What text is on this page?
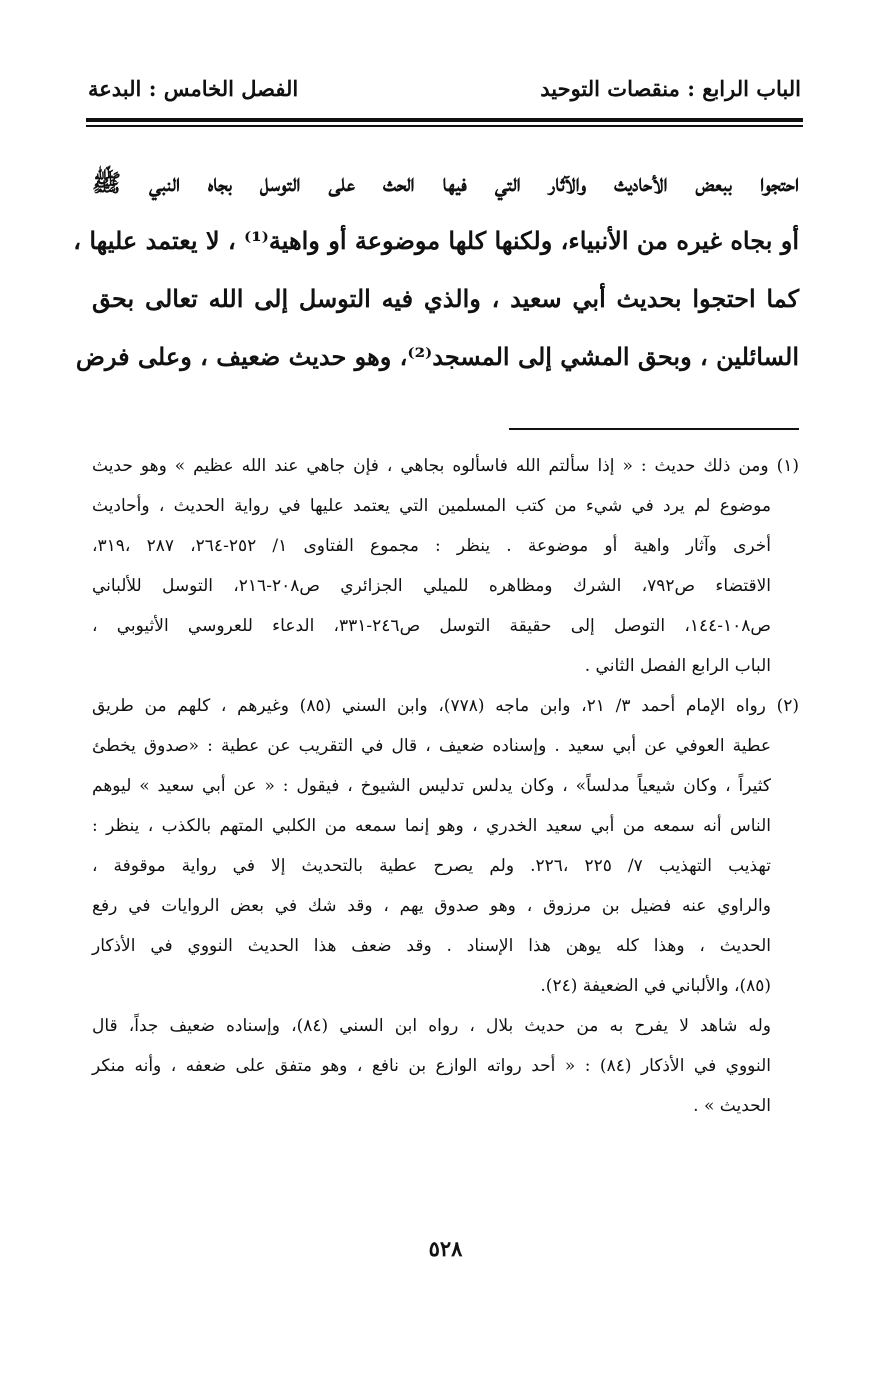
الباب الرابع : منقصات التوحيد
الفصل الخامس : البدعة
احتجوا ببعض الأحاديث والآثار التي فيها الحث على التوسل بجاه النبي ﷺ
أو بجاه غيره من الأنبياء، ولكنها كلها موضوعة أو واهية⁽¹⁾ ، لا يعتمد عليها ،
كما احتجوا بحديث أبي سعيد ، والذي فيه التوسل إلى الله تعالى بحق
السائلين ، وبحق المشي إلى المسجد⁽²⁾، وهو حديث ضعيف ، وعلى فرض
(١) ومن ذلك حديث : « إذا سألتم الله فاسألوه بجاهي ، فإن جاهي عند الله عظيم » وهو حديث
موضوع لم يرد في شيء من كتب المسلمين التي يعتمد عليها في رواية الحديث ، وأحاديث
أخرى وآثار واهية أو موضوعة . ينظر : مجموع الفتاوى ١/ ٢٥٢-٢٦٤، ٢٨٧ ،٣١٩،
الاقتضاء ص٧٩٢، الشرك ومظاهره للميلي الجزائري ص٢٠٨-٢١٦، التوسل للألباني
ص١٠٨-١٤٤، التوصل إلى حقيقة التوسل ص٢٤٦-٣٣١، الدعاء للعروسي الأثيوبي ،
الباب الرابع الفصل الثاني .
(٢) رواه الإمام أحمد ٣/ ٢١، وابن ماجه (٧٧٨)، وابن السني (٨٥) وغيرهم ، كلهم من طريق
عطية العوفي عن أبي سعيد . وإسناده ضعيف ، قال في التقريب عن عطية : «صدوق يخطئ
كثيراً ، وكان شيعياً مدلساً» ، وكان يدلس تدليس الشيوخ ، فيقول : « عن أبي سعيد » ليوهم
الناس أنه سمعه من أبي سعيد الخدري ، وهو إنما سمعه من الكلبي المتهم بالكذب ، ينظر :
تهذيب التهذيب ٧/ ٢٢٥ ،٢٢٦. ولم يصرح عطية بالتحديث إلا في رواية موقوفة ،
والراوي عنه فضيل بن مرزوق ، وهو صدوق يهم ، وقد شك في بعض الروايات في رفع
الحديث ، وهذا كله يوهن هذا الإسناد . وقد ضعف هذا الحديث النووي في الأذكار
(٨٥)، والألباني في الضعيفة (٢٤).
وله شاهد لا يفرح به من حديث بلال ، رواه ابن السني (٨٤)، وإسناده ضعيف جداً، قال
النووي في الأذكار (٨٤) : « أحد رواته الوازع بن نافع ، وهو متفق على ضعفه ، وأنه منكر
الحديث » .
٥٢٨
